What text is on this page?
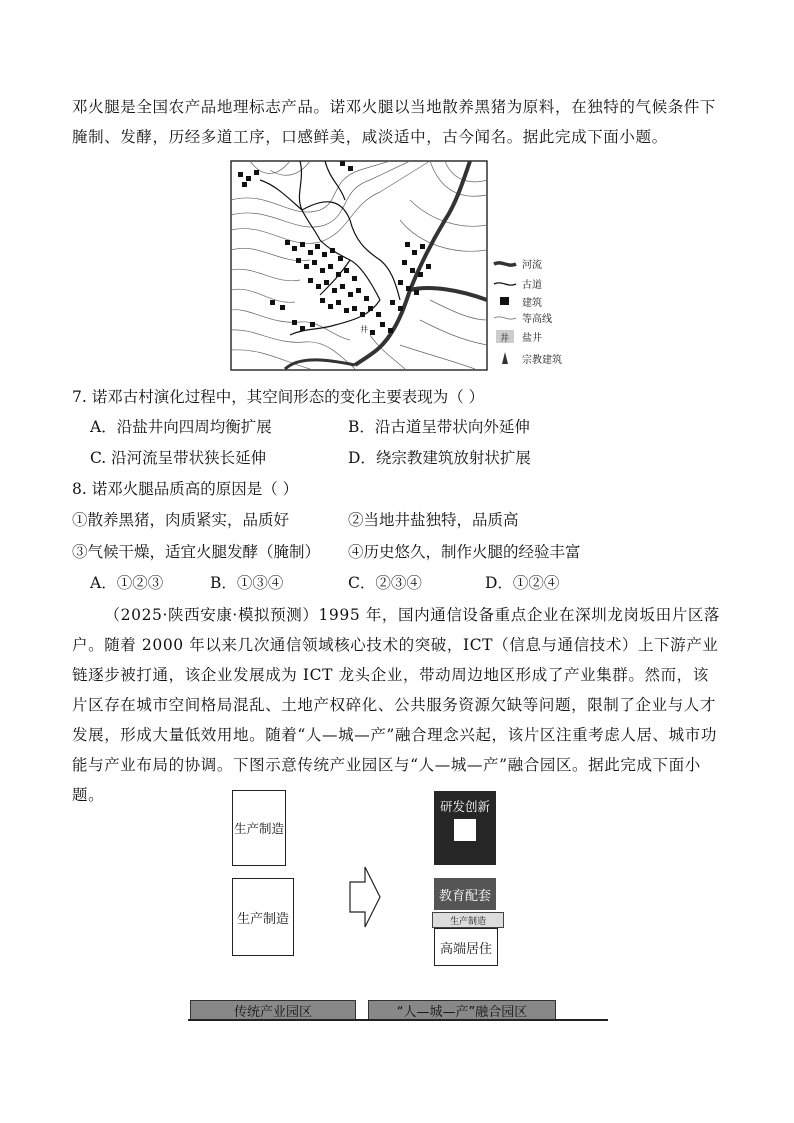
邓火腿是全国农产品地理标志产品。诺邓火腿以当地散养黑猪为原料，在独特的气候条件下腌制、发酵，历经多道工序，口感鲜美，咸淡适中，古今闻名。据此完成下面小题。
井
河流
古道
建筑
等高线
井 盐井
宗教建筑
7. 诺邓古村演化过程中，其空间形态的变化主要表现为（ ）
A．沿盐井向四周均衡扩展	B．沿古道呈带状向外延伸
C. 沿河流呈带状狭长延伸	D．绕宗教建筑放射状扩展
8. 诺邓火腿品质高的原因是（ ）
①散养黑猪，肉质紧实，品质好	②当地井盐独特，品质高
③气候干燥，适宜火腿发酵（腌制） ④历史悠久，制作火腿的经验丰富
A．①②③	B．①③④	C．②③④	D．①②④
（2025·陕西安康·模拟预测）1995 年，国内通信设备重点企业在深圳龙岗坂田片区落户。随着 2000 年以来几次通信领域核心技术的突破，ICT（信息与通信技术）上下游产业链逐步被打通，该企业发展成为 ICT 龙头企业，带动周边地区形成了产业集群。然而，该片区存在城市空间格局混乱、土地产权碎化、公共服务资源欠缺等问题，限制了企业与人才发展，形成大量低效用地。随着“人—城—产”融合理念兴起，该片区注重考虑人居、城市功能与产业布局的协调。下图示意传统产业园区与“人—城—产”融合园区。据此完成下面小题。
生产制造
生产制造
研发创新
教育配套
生产制造
高端居住
传统产业园区	“人—城—产”融合园区
